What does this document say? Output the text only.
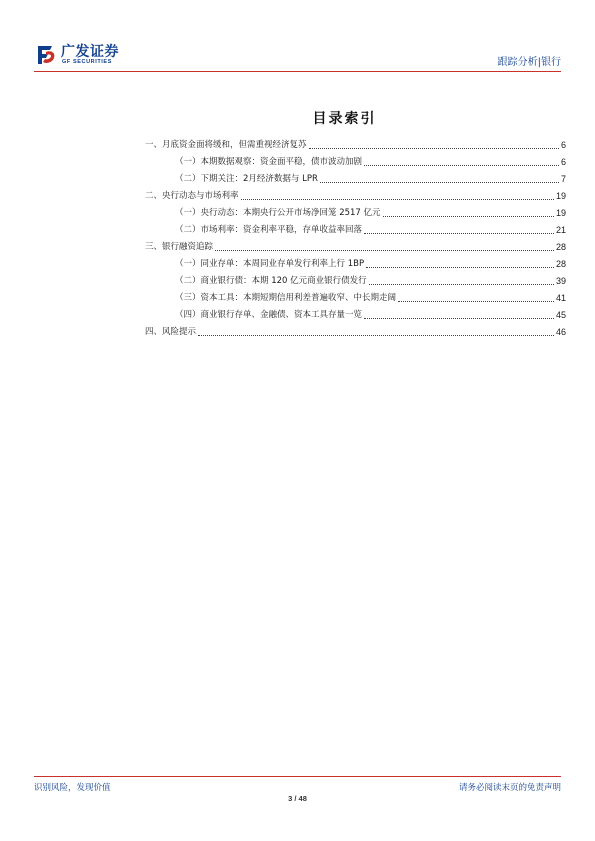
广发证券
GF SECURITIES	跟踪分析|银行
目录索引
一、月底资金面将缓和，但需重视经济复苏	6
（一）本期数据观察：资金面平稳，债市波动加剧	6
（二）下期关注：2月经济数据与 LPR	7
二、央行动态与市场利率	19
（一）央行动态：本期央行公开市场净回笼 2517 亿元	19
（二）市场利率：资金利率平稳，存单收益率回落	21
三、银行融资追踪	28
（一）同业存单：本周同业存单发行利率上行 1BP	28
（二）商业银行债：本期 120 亿元商业银行债发行	39
（三）资本工具：本期短期信用利差普遍收窄、中长期走阔	41
（四）商业银行存单、金融债、资本工具存量一览	45
四、风险提示	46
识别风险，发现价值	请务必阅读末页的免责声明
3 / 48
